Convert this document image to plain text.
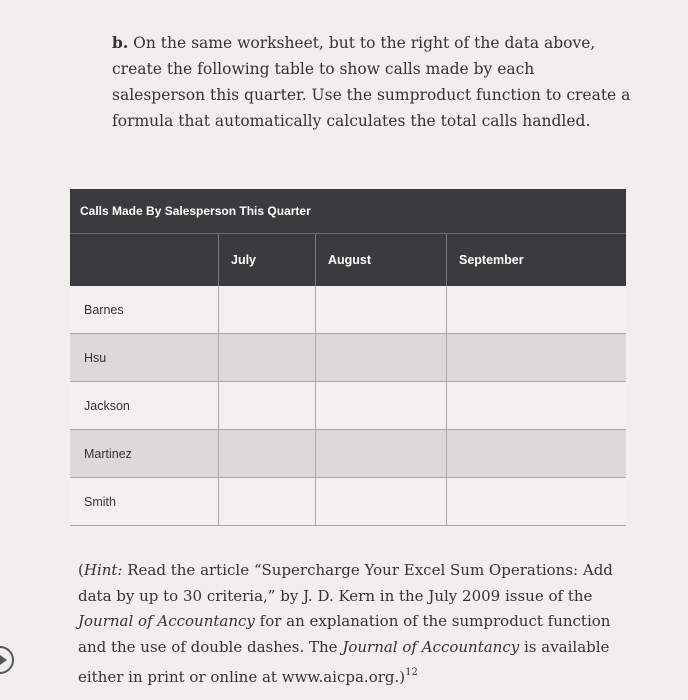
b. On the same worksheet, but to the right of the data above, create the following table to show calls made by each salesperson this quarter. Use the sumproduct function to create a formula that automatically calculates the total calls handled.
Calls Made By Salesperson This Quarter
July	August	September
Barnes
Hsu
Jackson
Martinez
Smith
(Hint: Read the article “Supercharge Your Excel Sum Operations: Add data by up to 30 criteria,” by J. D. Kern in the July 2009 issue of the Journal of Accountancy for an explanation of the sumproduct function and the use of double dashes. The Journal of Accountancy is available either in print or online at www.aicpa.org.)$^{12}$
